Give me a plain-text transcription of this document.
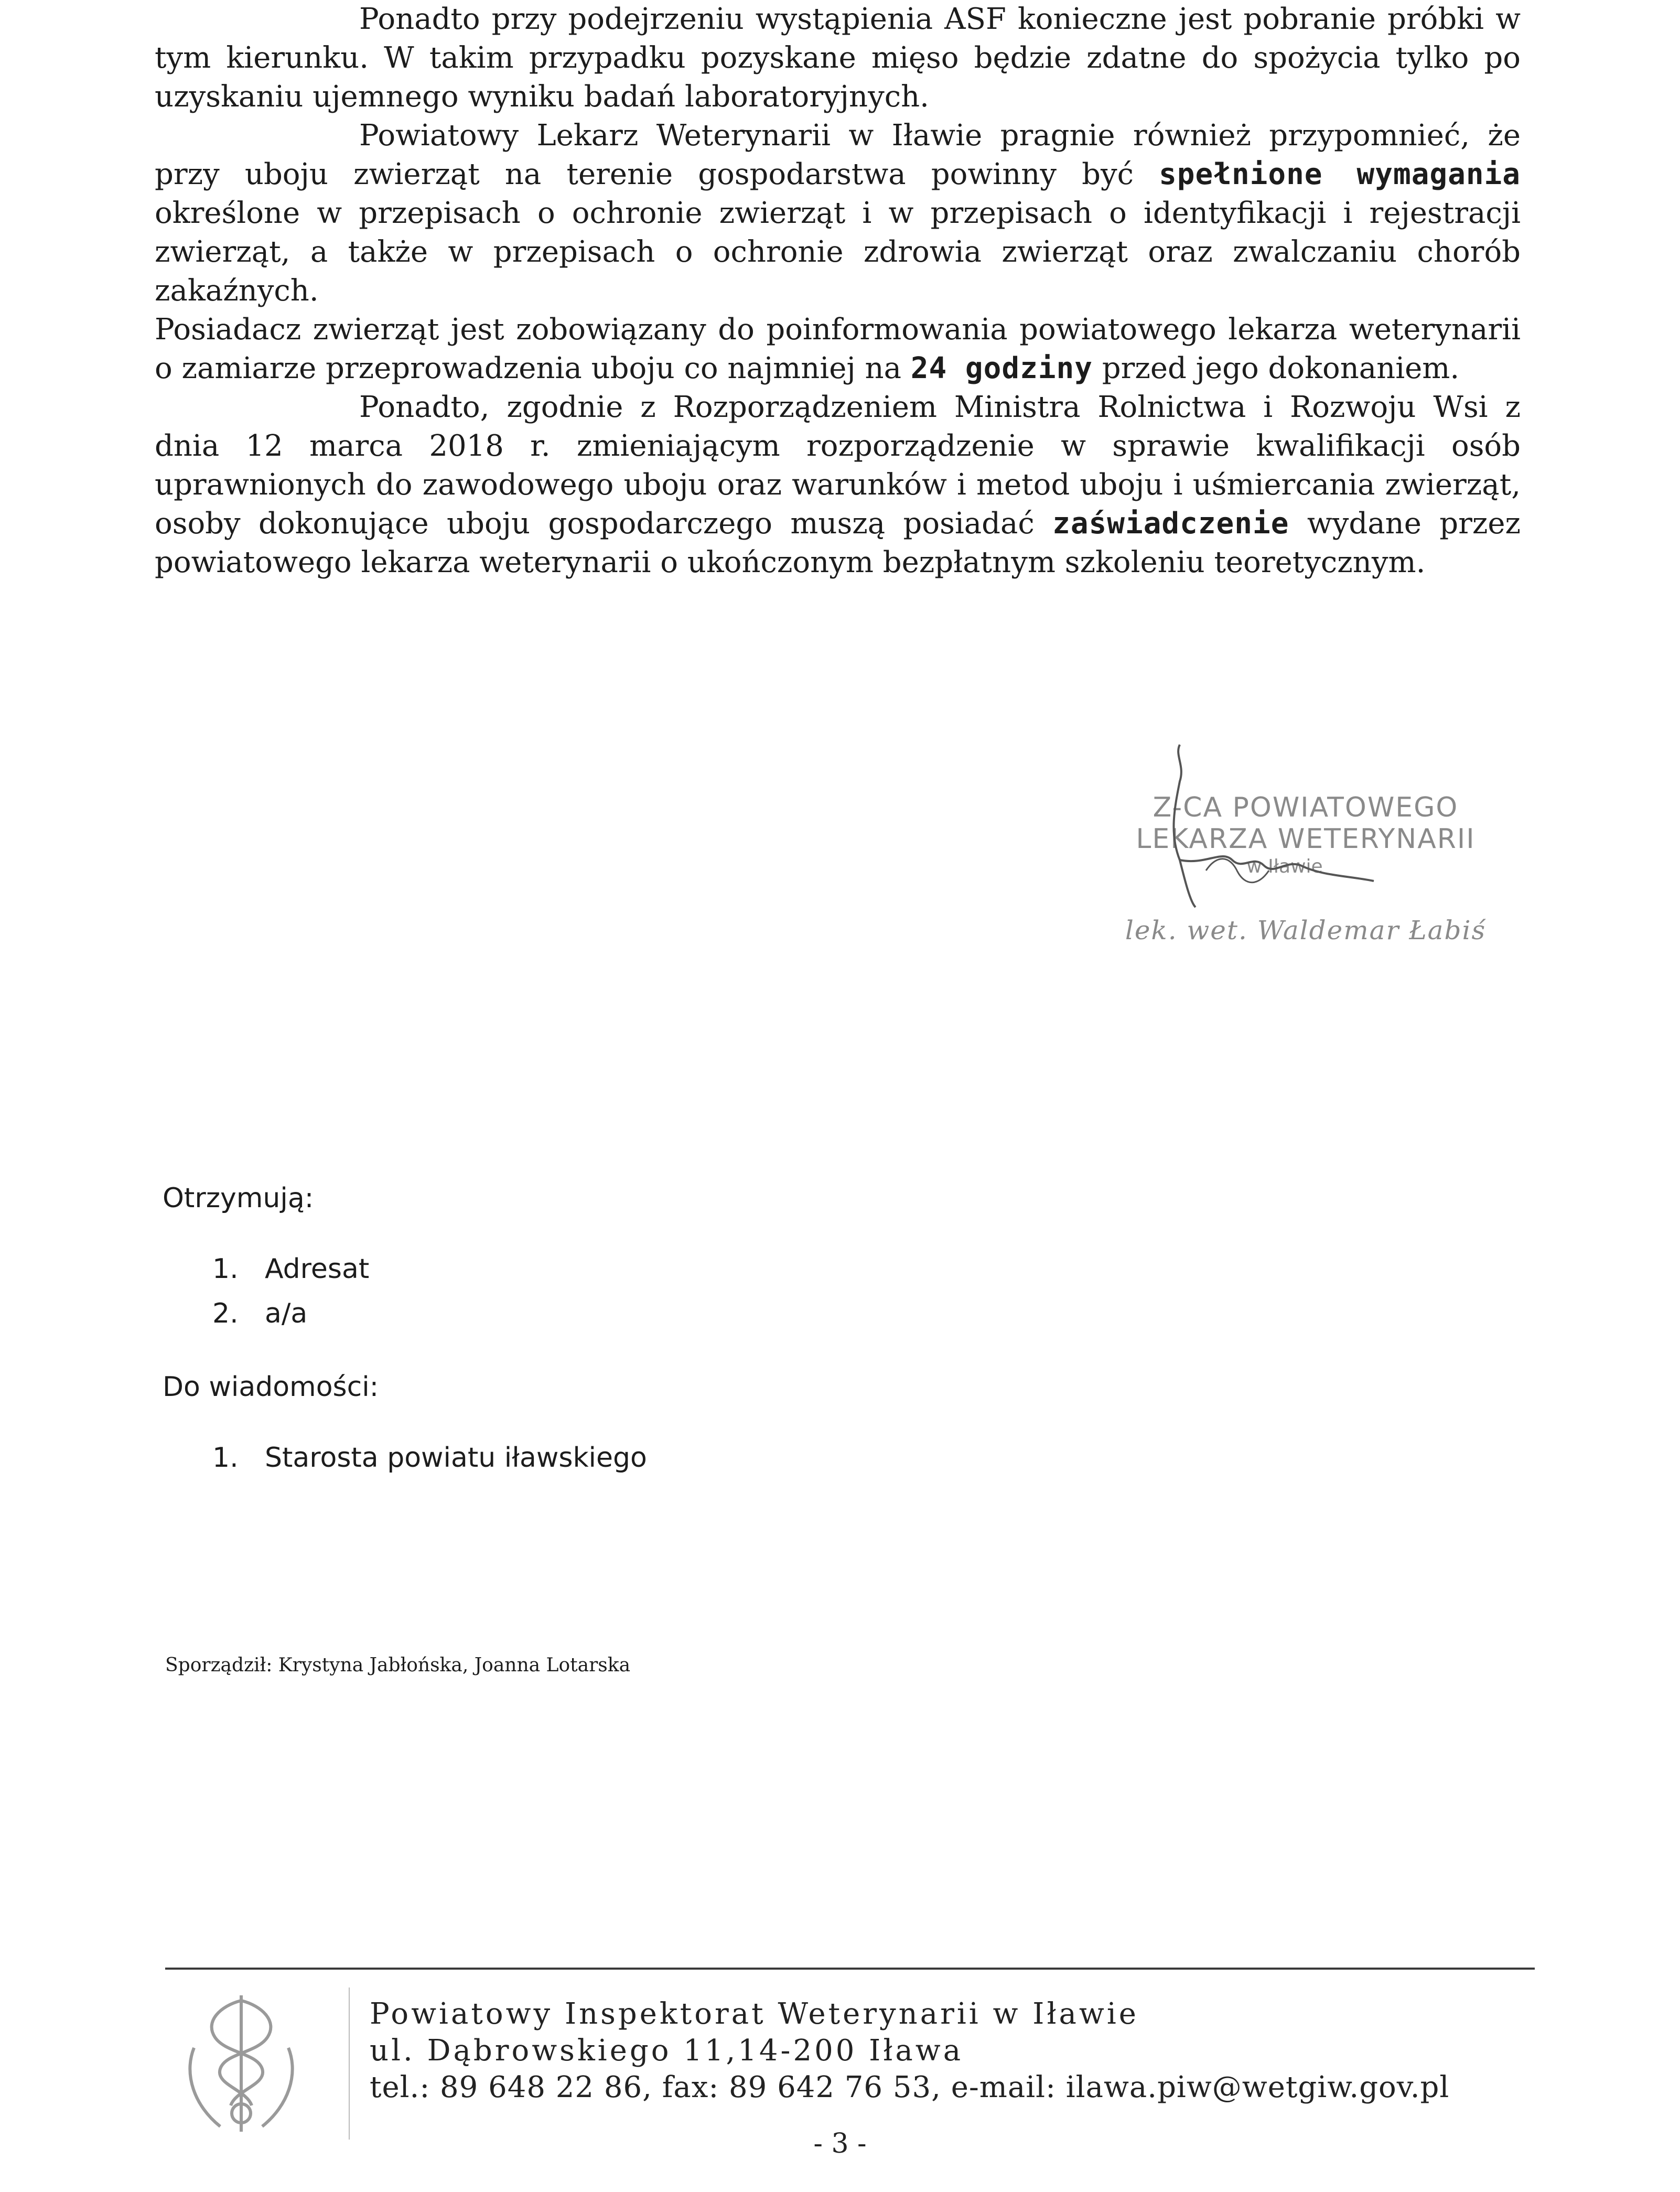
Ponadto przy podejrzeniu wystąpienia ASF konieczne jest pobranie próbki w tym kierunku. W takim przypadku pozyskane mięso będzie zdatne do spożycia tylko po uzyskaniu ujemnego wyniku badań laboratoryjnych.

Powiatowy Lekarz Weterynarii w Iławie pragnie również przypomnieć, że przy uboju zwierząt na terenie gospodarstwa powinny być spełnione wymagania określone w przepisach o ochronie zwierząt i w przepisach o identyfikacji i rejestracji zwierząt, a także w przepisach o ochronie zdrowia zwierząt oraz zwalczaniu chorób zakaźnych.

Posiadacz zwierząt jest zobowiązany do poinformowania powiatowego lekarza weterynarii o zamiarze przeprowadzenia uboju co najmniej na 24 godziny przed jego dokonaniem.

Ponadto, zgodnie z Rozporządzeniem Ministra Rolnictwa i Rozwoju Wsi z dnia 12 marca 2018 r. zmieniającym rozporządzenie w sprawie kwalifikacji osób uprawnionych do zawodowego uboju oraz warunków i metod uboju i uśmiercania zwierząt, osoby dokonujące uboju gospodarczego muszą posiadać zaświadczenie wydane przez powiatowego lekarza weterynarii o ukończonym bezpłatnym szkoleniu teoretycznym.

Z-CA POWIATOWEGO
LEKARZA WETERYNARII
w Iławie
lek. wet. Waldemar Łabiś
Otrzymują:
1. Adresat
2. a/a
Do wiadomości:
1. Starosta powiatu iławskiego
Sporządził: Krystyna Jabłońska, Joanna Lotarska
Powiatowy Inspektorat Weterynarii w Iławie
ul. Dąbrowskiego 11,14-200 Iława
tel.: 89 648 22 86, fax: 89 642 76 53, e-mail: ilawa.piw@wetgiw.gov.pl
- 3 -
